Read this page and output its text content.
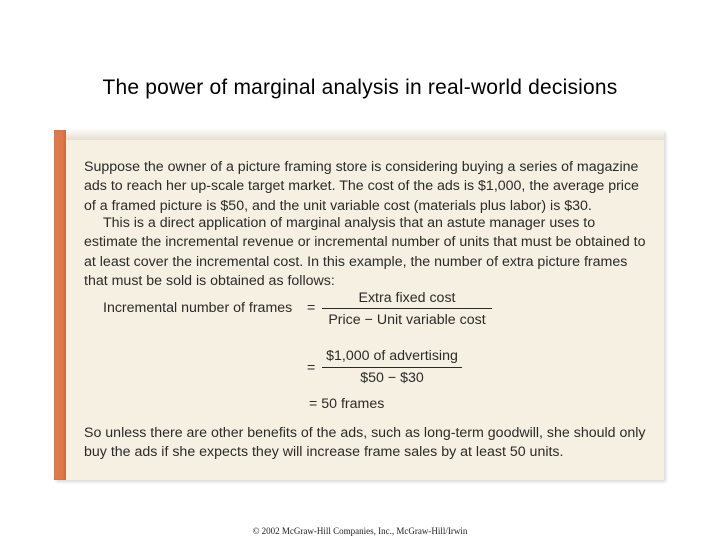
The power of marginal analysis in real-world decisions
Suppose the owner of a picture framing store is considering buying a series of magazine ads to reach her up-scale target market. The cost of the ads is $1,000, the average price of a framed picture is $50, and the unit variable cost (materials plus labor) is $30.
This is a direct application of marginal analysis that an astute manager uses to estimate the incremental revenue or incremental number of units that must be obtained to at least cover the incremental cost. In this example, the number of extra picture frames that must be sold is obtained as follows:
Incremental number of frames =
Extra fixed cost
Price − Unit variable cost
=
$1,000 of advertising
$50 − $30
= 50 frames
So unless there are other benefits of the ads, such as long-term goodwill, she should only buy the ads if she expects they will increase frame sales by at least 50 units.
© 2002 McGraw-Hill Companies, Inc., McGraw-Hill/Irwin
